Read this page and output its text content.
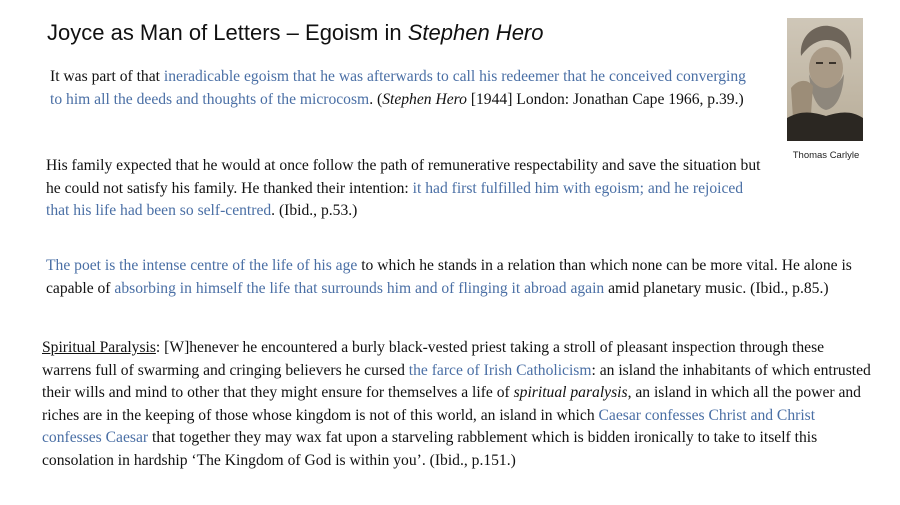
Joyce as Man of Letters – Egoism in Stephen Hero
Thomas Carlyle

It was part of that ineradicable egoism that he was afterwards to call his redeemer that he conceived converging to him all the deeds and thoughts of the microcosm. (Stephen Hero [1944] London: Jonathan Cape 1966, p.39.)

His family expected that he would at once follow the path of remunerative respectability and save the situation but he could not satisfy his family. He thanked their intention: it had first fulfilled him with egoism; and he rejoiced that his life had been so self-centred. (Ibid., p.53.)

The poet is the intense centre of the life of his age to which he stands in a relation than which none can be more vital. He alone is capable of absorbing in himself the life that surrounds him and of flinging it abroad again amid planetary music. (Ibid., p.85.)

Spiritual Paralysis: [W]henever he encountered a burly black-vested priest taking a stroll of pleasant inspection through these warrens full of swarming and cringing believers he cursed the farce of Irish Catholicism: an island the inhabitants of which entrusted their wills and mind to other that they might ensure for themselves a life of spiritual paralysis, an island in which all the power and riches are in the keeping of those whose kingdom is not of this world, an island in which Caesar confesses Christ and Christ confesses Caesar that together they may wax fat upon a starveling rabblement which is bidden ironically to take to itself this consolation in hardship ‘The Kingdom of God is within you’. (Ibid., p.151.)
